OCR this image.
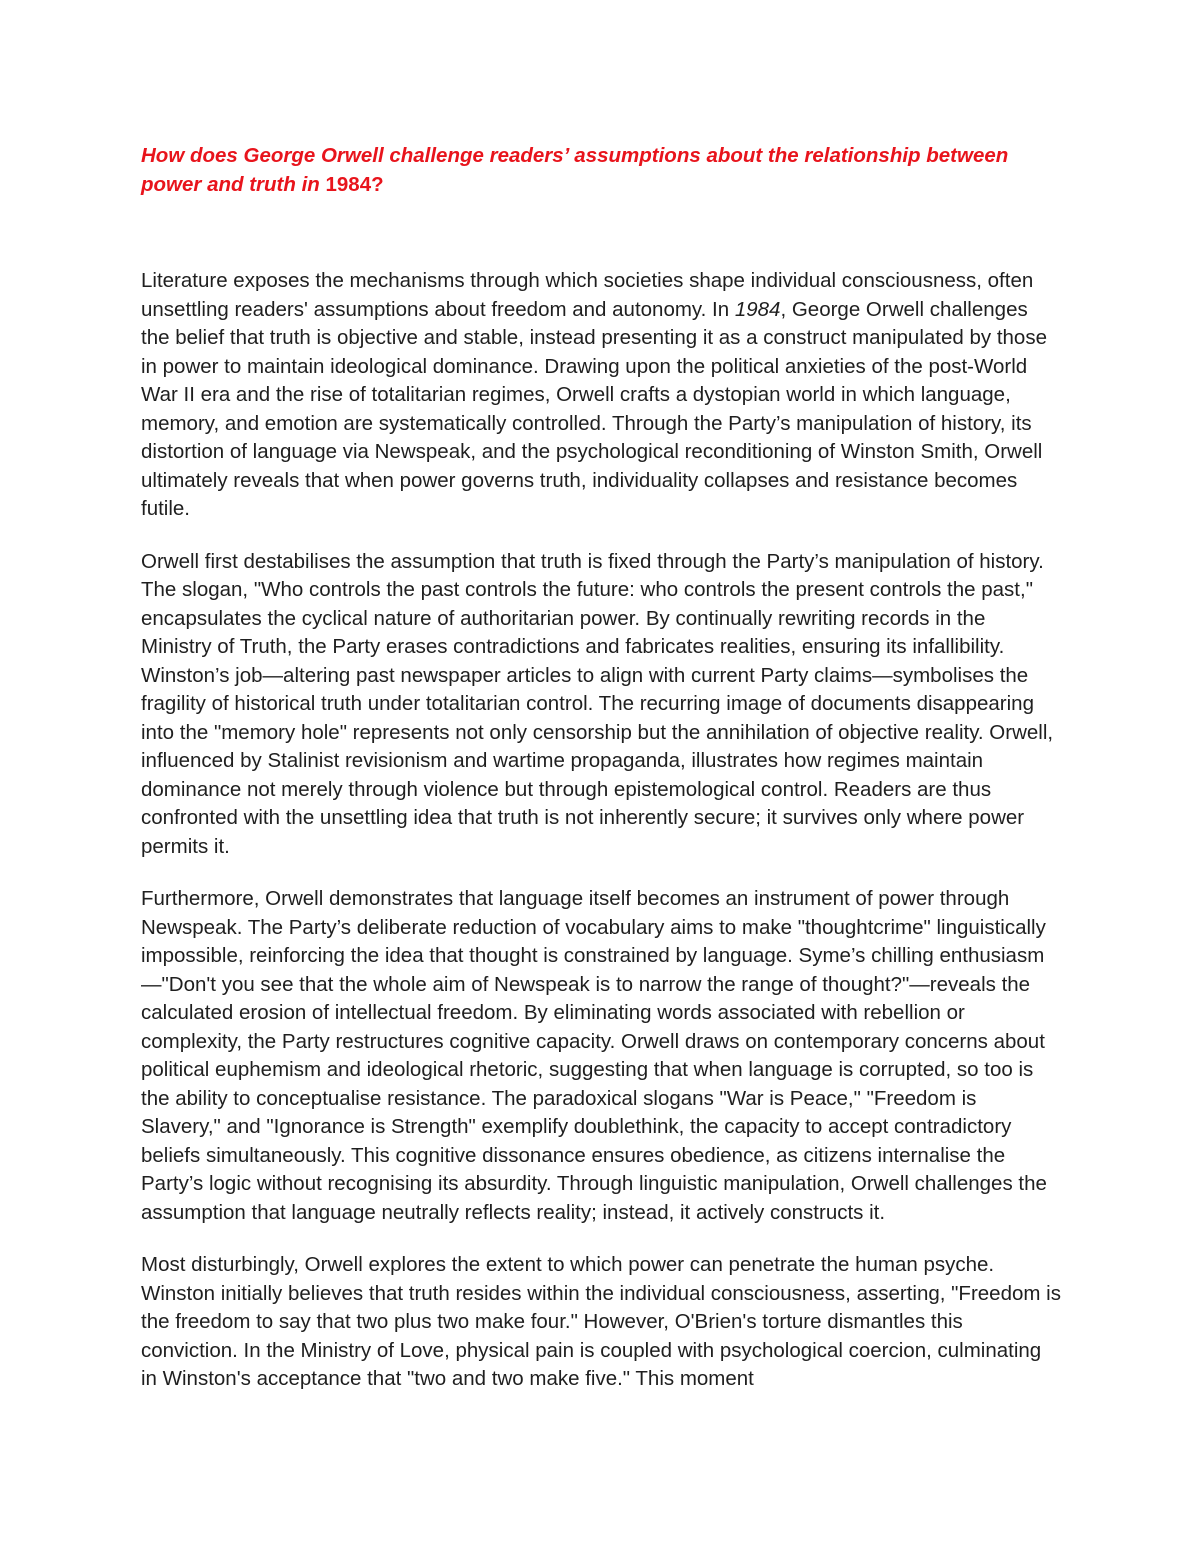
How does George Orwell challenge readers’ assumptions about the relationship between power and truth in 1984?

Literature exposes the mechanisms through which societies shape individual consciousness, often unsettling readers' assumptions about freedom and autonomy. In 1984, George Orwell challenges the belief that truth is objective and stable, instead presenting it as a construct manipulated by those in power to maintain ideological dominance. Drawing upon the political anxieties of the post-World War II era and the rise of totalitarian regimes, Orwell crafts a dystopian world in which language, memory, and emotion are systematically controlled. Through the Party’s manipulation of history, its distortion of language via Newspeak, and the psychological reconditioning of Winston Smith, Orwell ultimately reveals that when power governs truth, individuality collapses and resistance becomes futile.

Orwell first destabilises the assumption that truth is fixed through the Party’s manipulation of history. The slogan, "Who controls the past controls the future: who controls the present controls the past," encapsulates the cyclical nature of authoritarian power. By continually rewriting records in the Ministry of Truth, the Party erases contradictions and fabricates realities, ensuring its infallibility. Winston’s job—altering past newspaper articles to align with current Party claims—symbolises the fragility of historical truth under totalitarian control. The recurring image of documents disappearing into the "memory hole" represents not only censorship but the annihilation of objective reality. Orwell, influenced by Stalinist revisionism and wartime propaganda, illustrates how regimes maintain dominance not merely through violence but through epistemological control. Readers are thus confronted with the unsettling idea that truth is not inherently secure; it survives only where power permits it.

Furthermore, Orwell demonstrates that language itself becomes an instrument of power through Newspeak. The Party’s deliberate reduction of vocabulary aims to make "thoughtcrime" linguistically impossible, reinforcing the idea that thought is constrained by language. Syme’s chilling enthusiasm—"Don't you see that the whole aim of Newspeak is to narrow the range of thought?"—reveals the calculated erosion of intellectual freedom. By eliminating words associated with rebellion or complexity, the Party restructures cognitive capacity. Orwell draws on contemporary concerns about political euphemism and ideological rhetoric, suggesting that when language is corrupted, so too is the ability to conceptualise resistance. The paradoxical slogans "War is Peace," "Freedom is Slavery," and "Ignorance is Strength" exemplify doublethink, the capacity to accept contradictory beliefs simultaneously. This cognitive dissonance ensures obedience, as citizens internalise the Party’s logic without recognising its absurdity. Through linguistic manipulation, Orwell challenges the assumption that language neutrally reflects reality; instead, it actively constructs it.

Most disturbingly, Orwell explores the extent to which power can penetrate the human psyche. Winston initially believes that truth resides within the individual consciousness, asserting, "Freedom is the freedom to say that two plus two make four." However, O'Brien's torture dismantles this conviction. In the Ministry of Love, physical pain is coupled with psychological coercion, culminating in Winston's acceptance that "two and two make five." This moment
